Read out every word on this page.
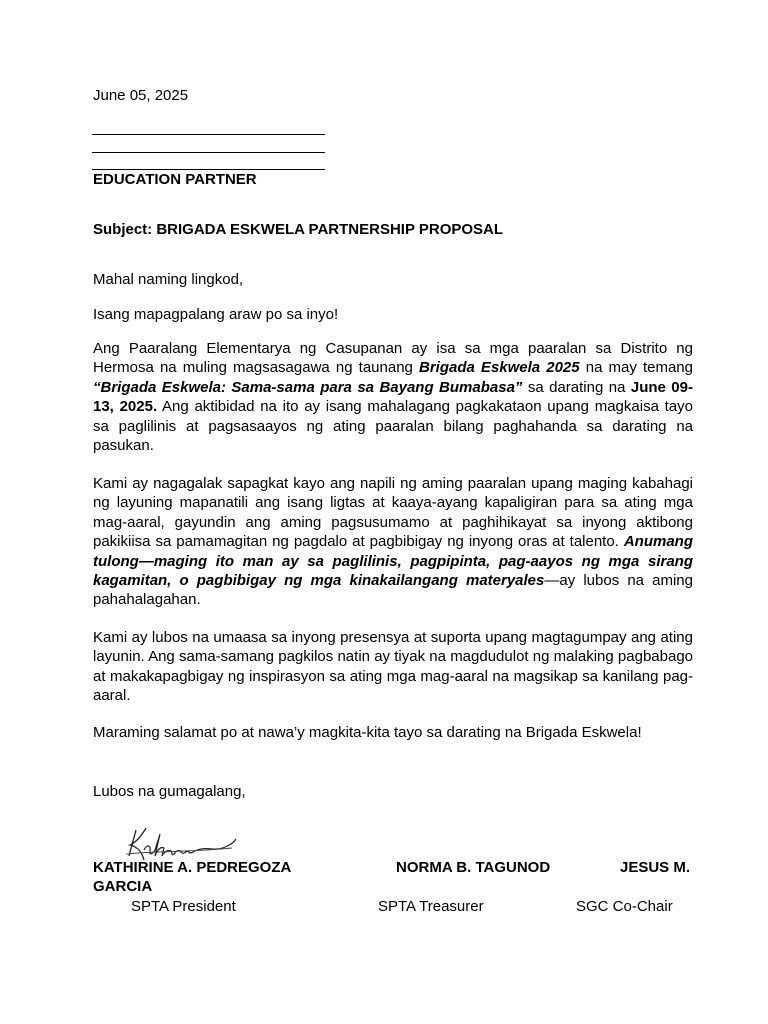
June 05, 2025
EDUCATION PARTNER
Subject: BRIGADA ESKWELA PARTNERSHIP PROPOSAL
Mahal naming lingkod,
Isang mapagpalang araw po sa inyo!
Ang Paaralang Elementarya ng Casupanan ay isa sa mga paaralan sa Distrito ng Hermosa na muling magsasagawa ng taunang Brigada Eskwela 2025 na may temang “Brigada Eskwela: Sama-sama para sa Bayang Bumabasa” sa darating na June 09-13, 2025. Ang aktibidad na ito ay isang mahalagang pagkakataon upang magkaisa tayo sa paglilinis at pagsasaayos ng ating paaralan bilang paghahanda sa darating na pasukan.
Kami ay nagagalak sapagkat kayo ang napili ng aming paaralan upang maging kabahagi ng layuning mapanatili ang isang ligtas at kaaya-ayang kapaligiran para sa ating mga mag-aaral, gayundin ang aming pagsusumamo at paghihikayat sa inyong aktibong pakikiisa sa pamamagitan ng pagdalo at pagbibigay ng inyong oras at talento. Anumang tulong—maging ito man ay sa paglilinis, pagpipinta, pag-aayos ng mga sirang kagamitan, o pagbibigay ng mga kinakailangang materyales—ay lubos na aming pahahalagahan.
Kami ay lubos na umaasa sa inyong presensya at suporta upang magtagumpay ang ating layunin. Ang sama-samang pagkilos natin ay tiyak na magdudulot ng malaking pagbabago at makakapagbigay ng inspirasyon sa ating mga mag-aaral na magsikap sa kanilang pag-aaral.
Maraming salamat po at nawa’y magkita-kita tayo sa darating na Brigada Eskwela!
Lubos na gumagalang,
KATHIRINE A. PEDREGOZA	NORMA B. TAGUNOD	JESUS M.
GARCIA
SPTA President	SPTA Treasurer	SGC Co-Chair
